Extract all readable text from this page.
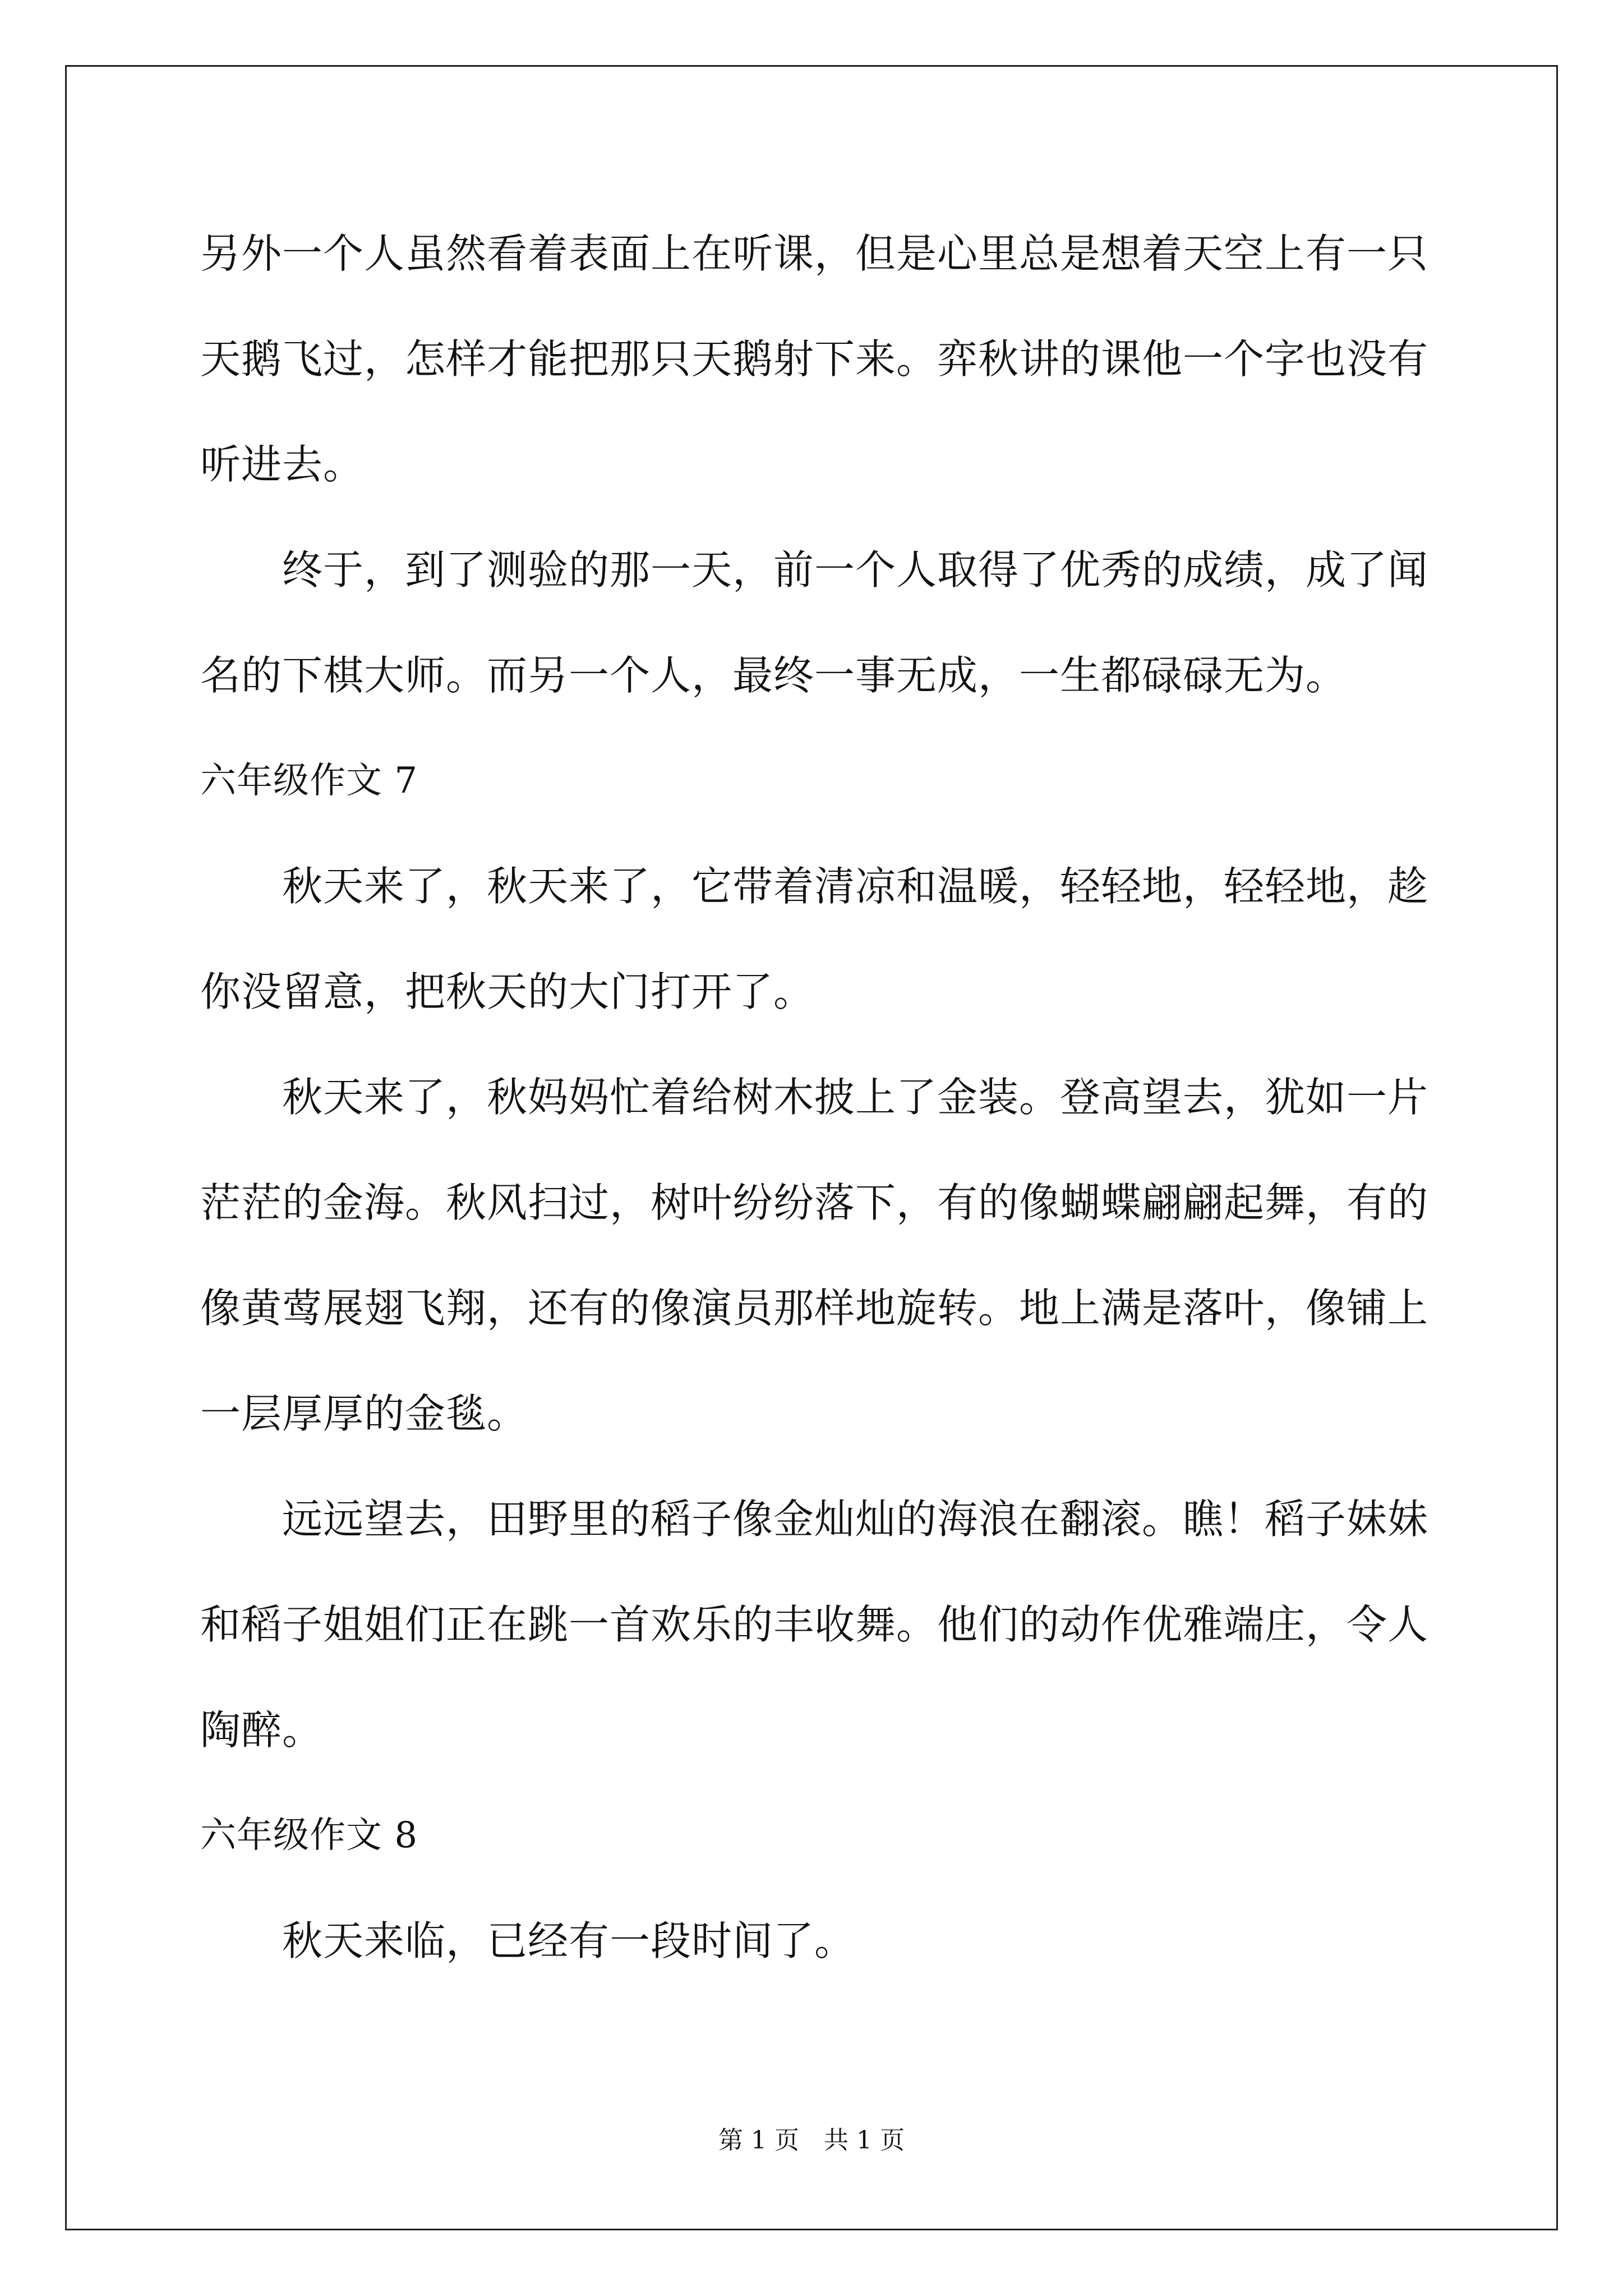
另外一个人虽然看着表面上在听课，但是心里总是想着天空上有一只
天鹅飞过，怎样才能把那只天鹅射下来。弈秋讲的课他一个字也没有
听进去。
终于，到了测验的那一天，前一个人取得了优秀的成绩，成了闻
名的下棋大师。而另一个人，最终一事无成，一生都碌碌无为。
六年级作文 7
秋天来了，秋天来了，它带着清凉和温暖，轻轻地，轻轻地，趁
你没留意，把秋天的大门打开了。
秋天来了，秋妈妈忙着给树木披上了金装。登高望去，犹如一片
茫茫的金海。秋风扫过，树叶纷纷落下，有的像蝴蝶翩翩起舞，有的
像黄莺展翅飞翔，还有的像演员那样地旋转。地上满是落叶，像铺上
一层厚厚的金毯。
远远望去，田野里的稻子像金灿灿的海浪在翻滚。瞧！稻子妹妹
和稻子姐姐们正在跳一首欢乐的丰收舞。他们的动作优雅端庄，令人
陶醉。
六年级作文 8
秋天来临，已经有一段时间了。
第 1 页　共 1 页
